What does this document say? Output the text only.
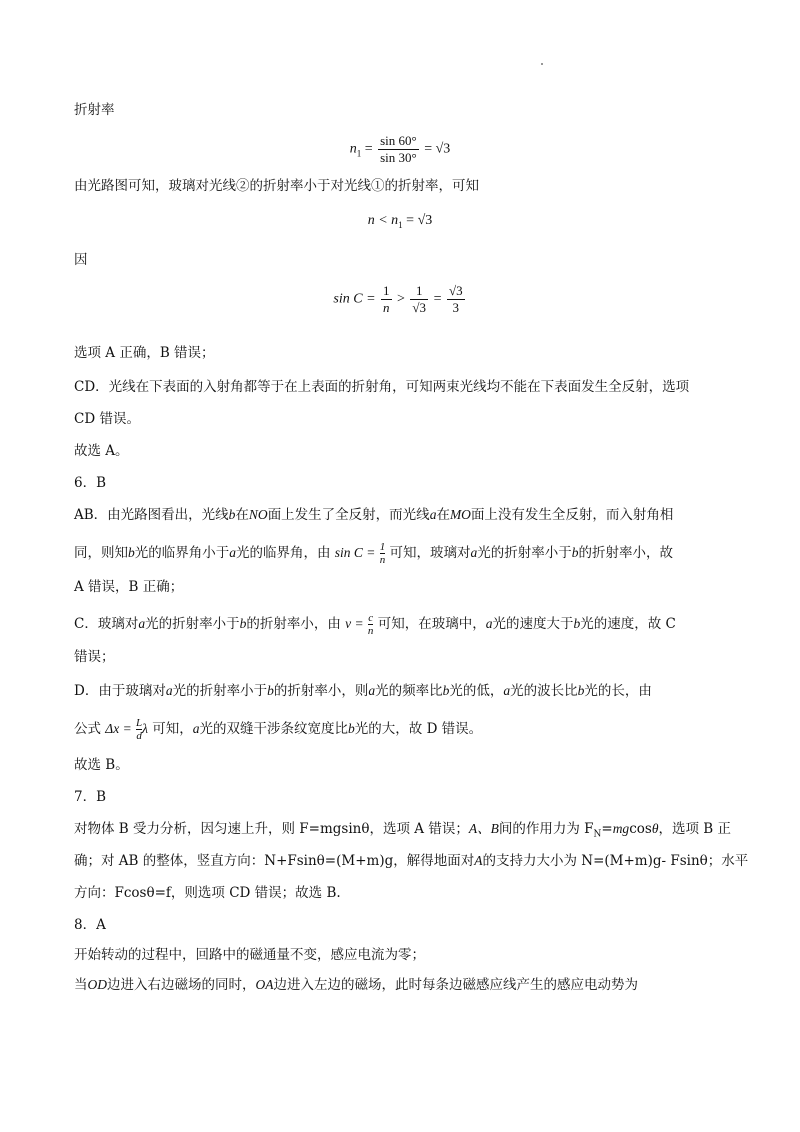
折射率
$n_1 = \frac{\sin 60^\circ}{\sin 30^\circ} = √3$
由光路图可知，玻璃对光线②的折射率小于对光线①的折射率，可知
$n < n_1 = √3$
因
$\sin C = \frac{1}{n} > \frac{1}{√3} = \frac{√3}{3}$
选项 A 正确，B 错误；
CD．光线在下表面的入射角都等于在上表面的折射角，可知两束光线均不能在下表面发生全反射，选项
CD 错误。
故选 A。
6．B
AB．由光路图看出，光线b在NO面上发生了全反射，而光线a在MO面上没有发生全反射，而入射角相
同，则知b光的临界角小于a光的临界角，由 $\sin C = \frac{1}{n}$ 可知，玻璃对a光的折射率小于b的折射率小，故
A 错误，B 正确；
C．玻璃对a光的折射率小于b的折射率小，由 $v = \frac{c}{n}$ 可知，在玻璃中，a光的速度大于b光的速度，故 C
错误；
D．由于玻璃对a光的折射率小于b的折射率小，则a光的频率比b光的低，a光的波长比b光的长，由
公式 $\Delta x = \frac{L}{d}$ λ 可知，a光的双缝干涉条纹宽度比b光的大，故 D 错误。
故选 B。
7．B
对物体 B 受力分析，因匀速上升，则 F=mgsinθ，选项 A 错误；A、B间的作用力为 $F_N=mgcos\theta$，选项 B 正
确；对 AB 的整体，竖直方向：N+Fsinθ=(M+m)g，解得地面对A的支持力大小为 N=(M+m)g- Fsinθ；水平
方向：Fcosθ=f，则选项 CD 错误；故选 B.
8．A
开始转动的过程中，回路中的磁通量不变，感应电流为零；
当OD边进入右边磁场的同时，OA边进入左边的磁场，此时每条边磁感应线产生的感应电动势为
